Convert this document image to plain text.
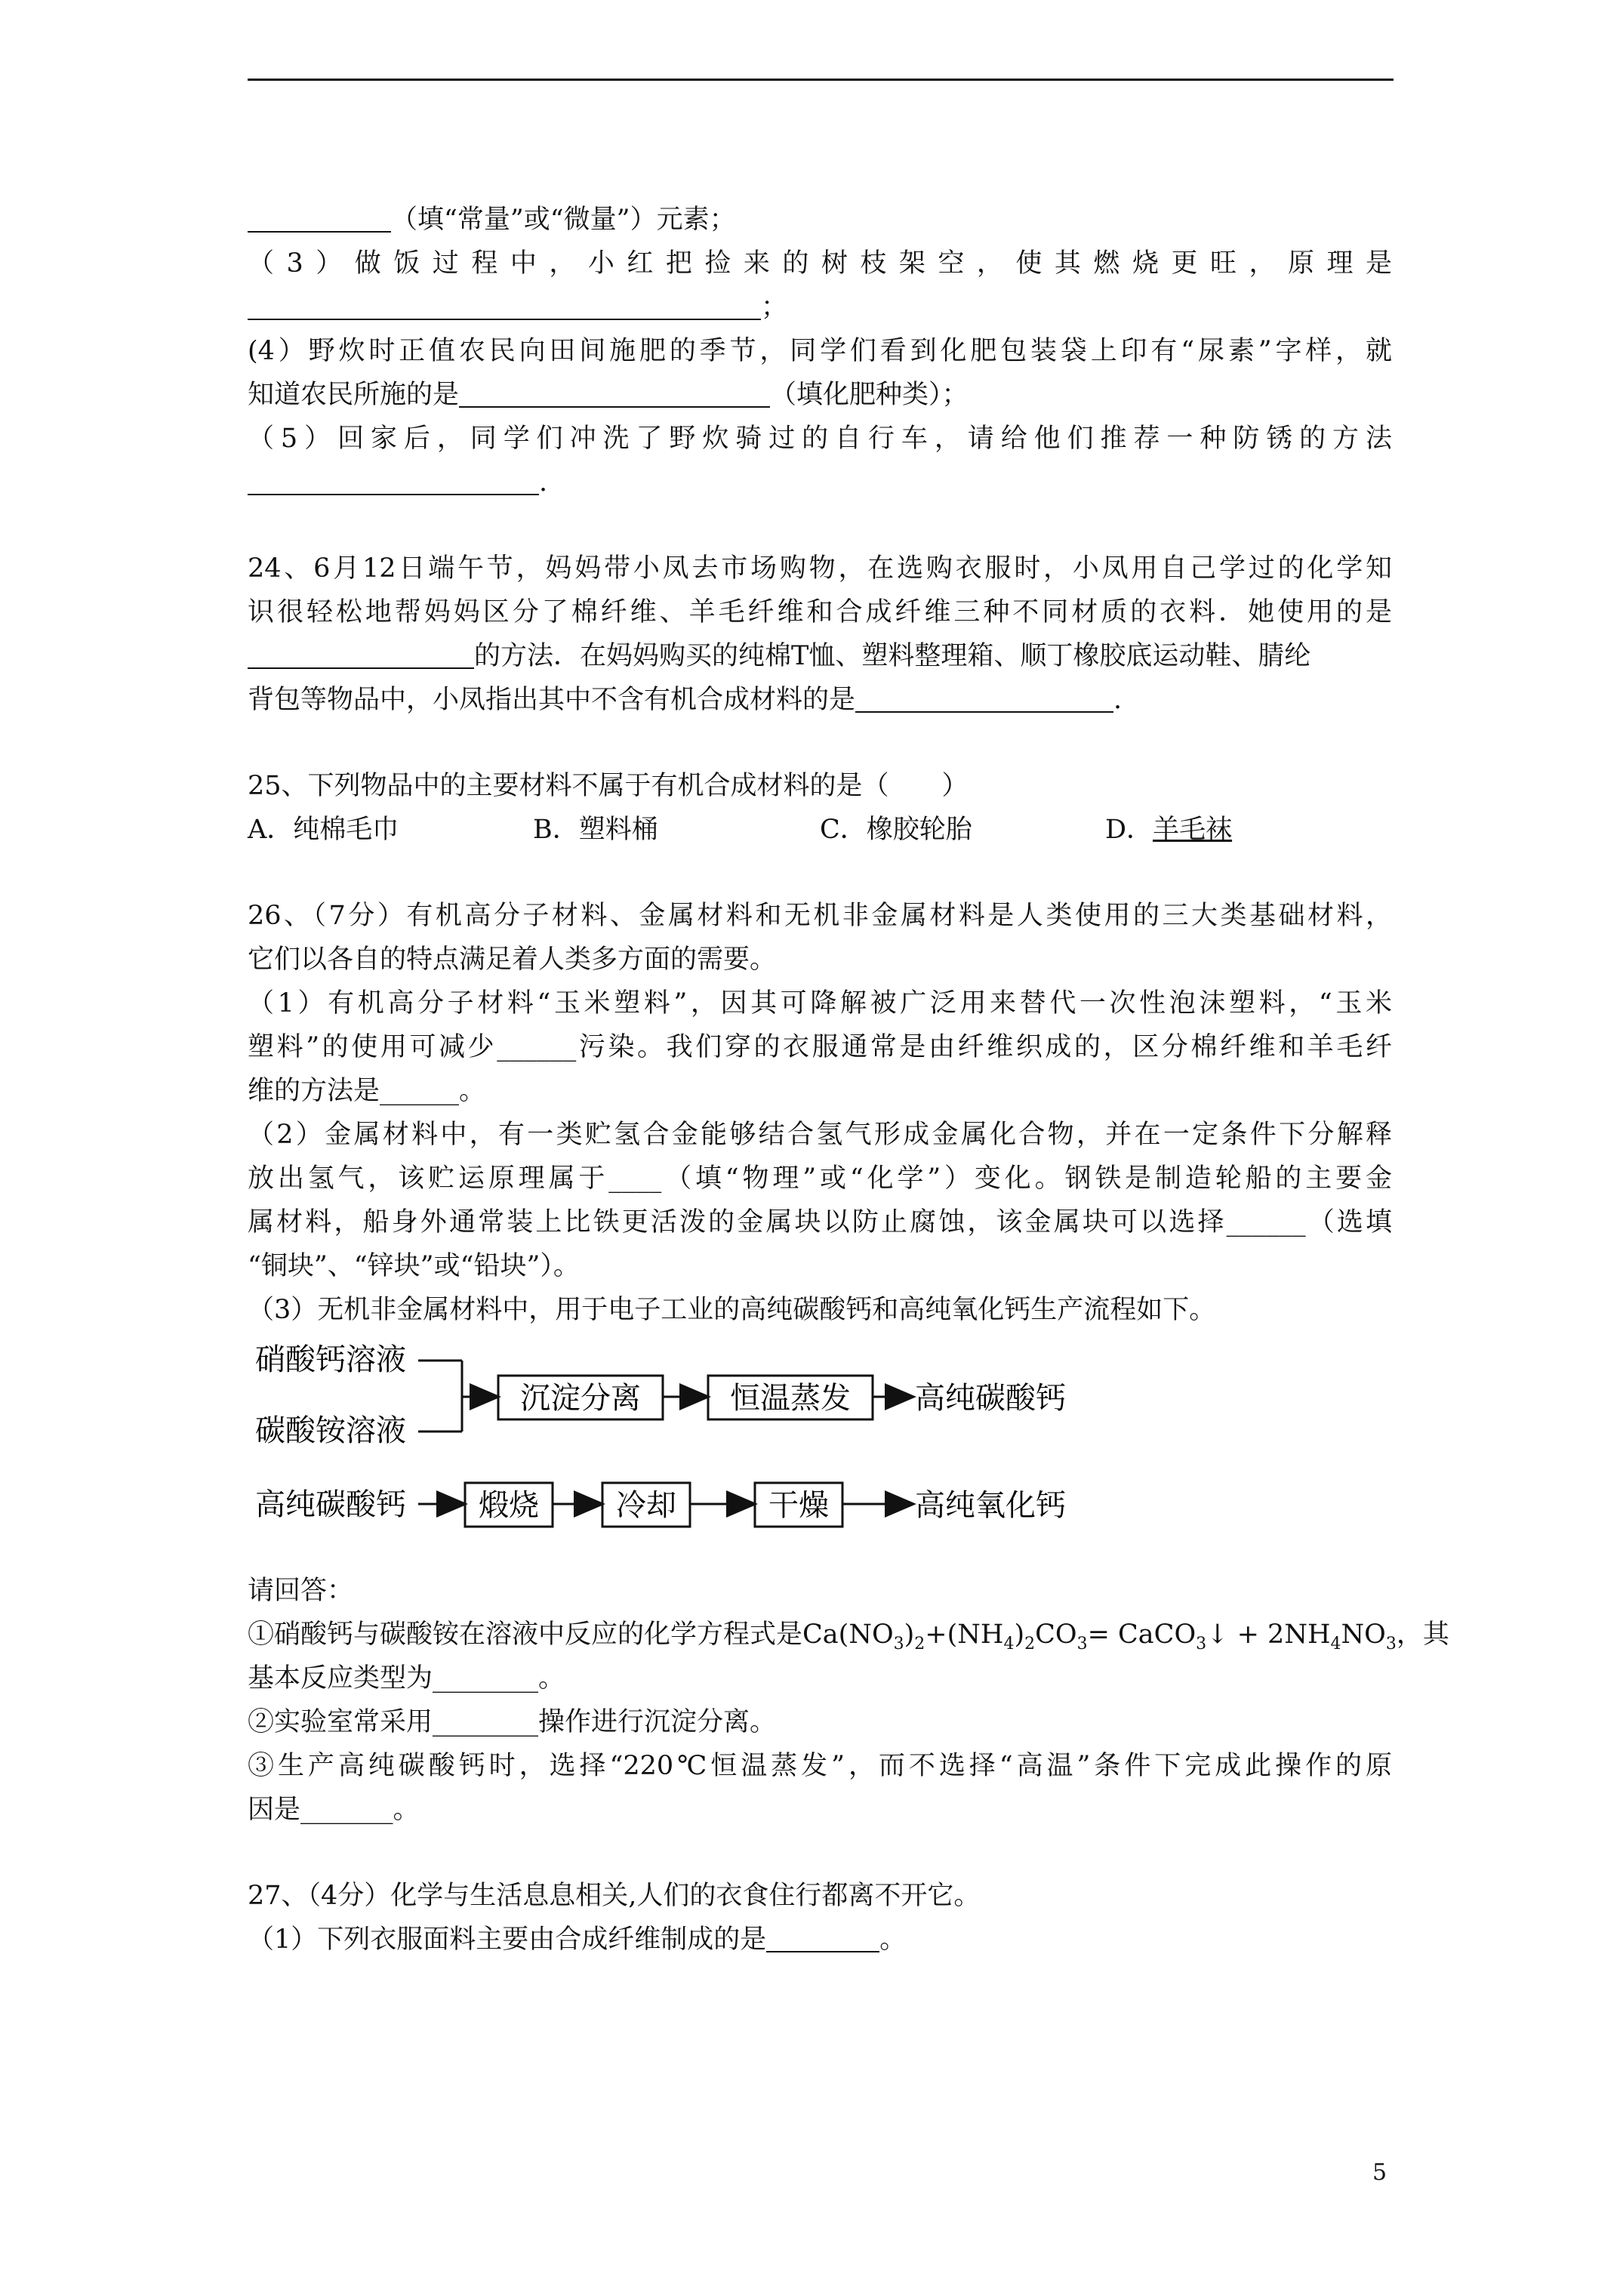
（填“常量”或“微量”）元素；
（3）做饭过程中，小红把捡来的树枝架空，使其燃烧更旺，原理是
；
(4）野炊时正值农民向田间施肥的季节，同学们看到化肥包装袋上印有“尿素”字样，就
知道农民所施的是	（填化肥种类）；
（5）回家后，同学们冲洗了野炊骑过的自行车，请给他们推荐一种防锈的方法
.
24、6月12日端午节，妈妈带小凤去市场购物，在选购衣服时，小凤用自己学过的化学知
识很轻松地帮妈妈区分了棉纤维、羊毛纤维和合成纤维三种不同材质的衣料．她使用的是
的方法．在妈妈购买的纯棉T恤、塑料整理箱、顺丁橡胶底运动鞋、腈纶
背包等物品中，小凤指出其中不含有机合成材料的是	.
25、下列物品中的主要材料不属于有机合成材料的是（　　）
A．纯棉毛巾	B．塑料桶	C．橡胶轮胎	D．羊毛袜
26、（7分）有机高分子材料、金属材料和无机非金属材料是人类使用的三大类基础材料，
它们以各自的特点满足着人类多方面的需要。
（1）有机高分子材料“玉米塑料”，因其可降解被广泛用来替代一次性泡沫塑料，“玉米
塑料”的使用可减少______污染。我们穿的衣服通常是由纤维织成的，区分棉纤维和羊毛纤
维的方法是______。
（2）金属材料中，有一类贮氢合金能够结合氢气形成金属化合物，并在一定条件下分解释
放出氢气，该贮运原理属于____（填“物理”或“化学”）变化。钢铁是制造轮船的主要金
属材料，船身外通常装上比铁更活泼的金属块以防止腐蚀，该金属块可以选择______（选填
“铜块”、“锌块”或“铅块”）。
（3）无机非金属材料中，用于电子工业的高纯碳酸钙和高纯氧化钙生产流程如下。
硝酸钙溶液
碳酸铵溶液
沉淀分离	恒温蒸发 高纯碳酸钙
高纯碳酸钙 煅烧	冷却	干燥	高纯氧化钙
请回答：
①硝酸钙与碳酸铵在溶液中反应的化学方程式是$Ca(NO_3)_2+(NH_4)_2CO_3=$ CaCO$_3$↓ + $2NH_4NO_3$，其
基本反应类型为________。
②实验室常采用________操作进行沉淀分离。
③生产高纯碳酸钙时，选择“220℃恒温蒸发”，而不选择“高温”条件下完成此操作的原
因是_______。
27、（4分）化学与生活息息相关,人们的衣食住行都离不开它。
（1）下列衣服面料主要由合成纤维制成的是	。
5
